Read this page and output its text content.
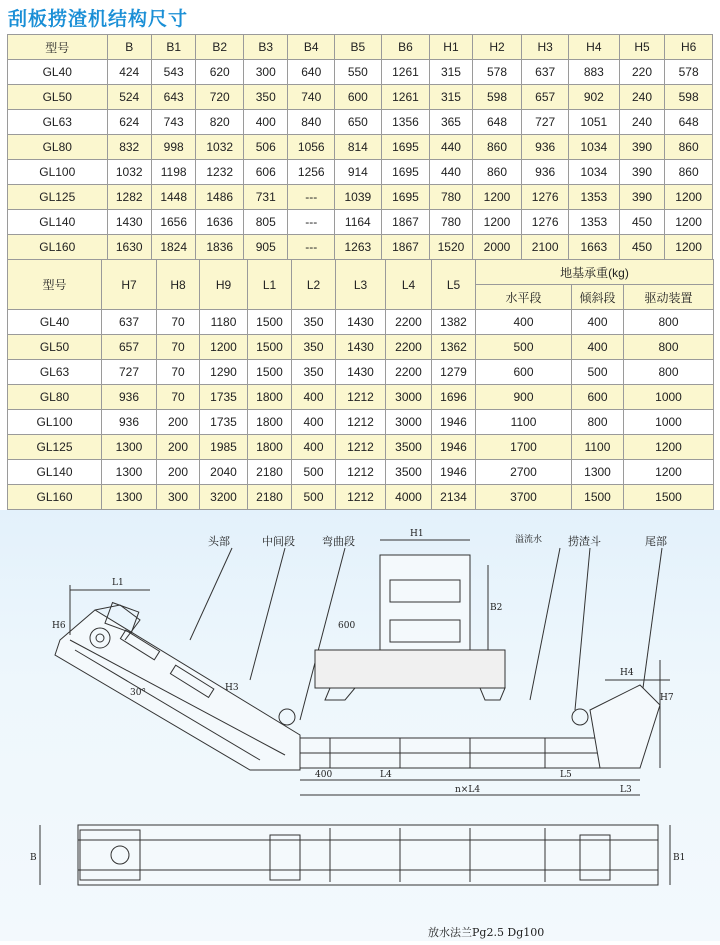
刮板捞渣机结构尺寸
型号	B	B1	B2	B3	B4	B5	B6	H1	H2	H3	H4	H5	H6
GL40	424	543	620	300	640	550	1261	315	578	637	883	220	578
GL50	524	643	720	350	740	600	1261	315	598	657	902	240	598
GL63	624	743	820	400	840	650	1356	365	648	727	1051	240	648
GL80	832	998	1032	506	1056	814	1695	440	860	936	1034	390	860
GL100	1032	1198	1232	606	1256	914	1695	440	860	936	1034	390	860
GL125	1282	1448	1486	731	---	1039	1695	780	1200	1276	1353	390	1200
GL140	1430	1656	1636	805	---	1164	1867	780	1200	1276	1353	450	1200
GL160	1630	1824	1836	905	---	1263	1867	1520	2000	2100	1663	450	1200
型号	H7	H8	H9	L1	L2	L3	L4	L5	地基承重(kg)		
									水平段	倾斜段	驱动装置
GL40	637	70	1180	1500	350	1430	2200	1382	400	400	800
GL50	657	70	1200	1500	350	1430	2200	1362	500	400	800
GL63	727	70	1290	1500	350	1430	2200	1279	600	500	800
GL80	936	70	1735	1800	400	1212	3000	1696	900	600	1000
GL100	936	200	1735	1800	400	1212	3000	1946	1100	800	1000
GL125	1300	200	1985	1800	400	1212	3500	1946	1700	1100	1200
GL140	1300	200	2040	2180	500	1212	3500	1946	2700	1300	1200
GL160	1300	300	3200	2180	500	1212	4000	2134	3700	1500	1500
头部	中间段 弯曲段	溢流水 捞渣斗	尾部
放水法兰Pg2.5 Dg100
L1
H6
H3
30°
400	L4
n×L4
L5
L3
H7
H4
H1
600
B2
B	B1
